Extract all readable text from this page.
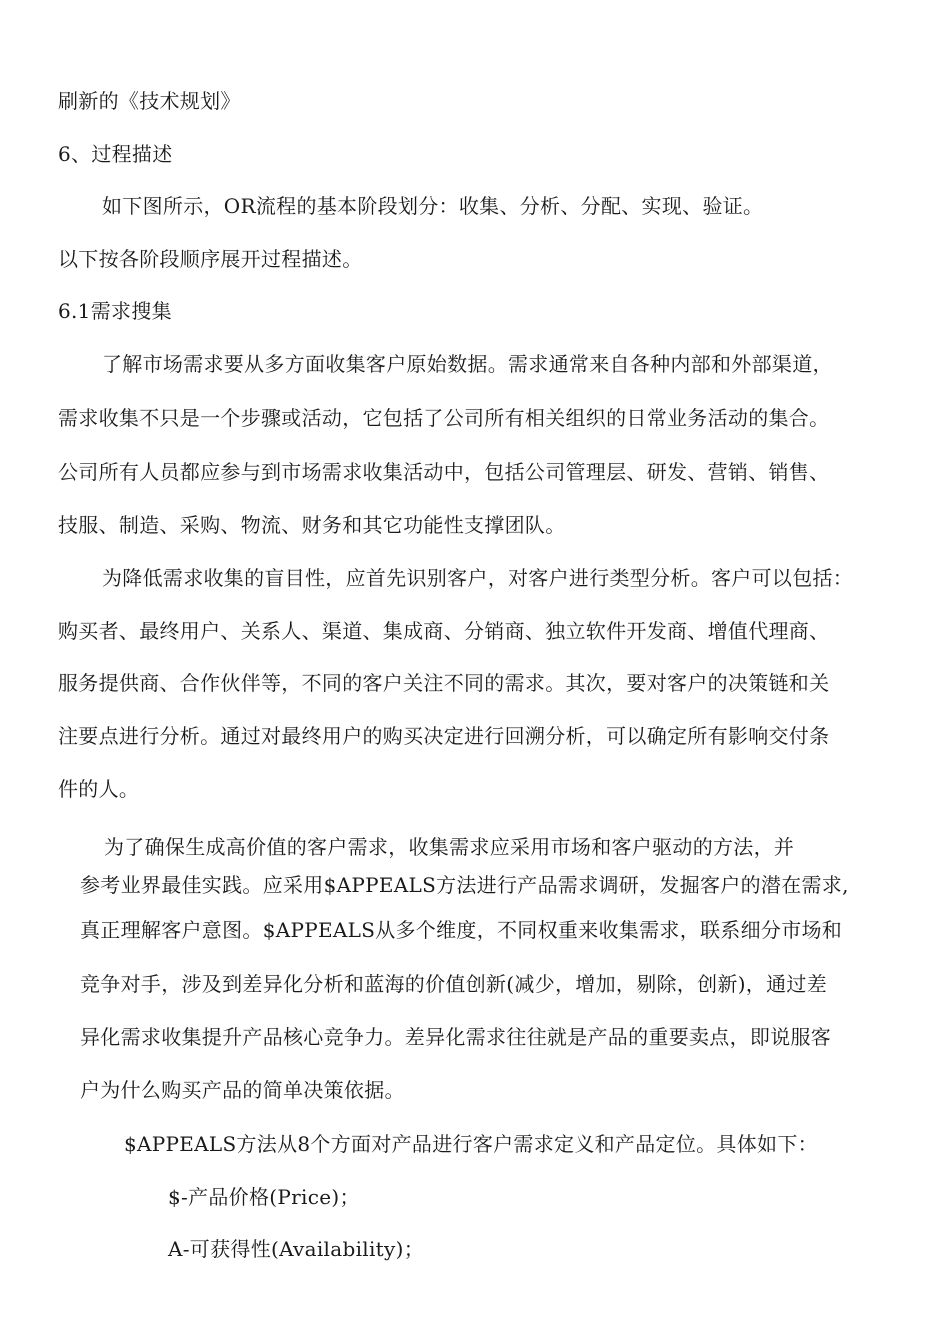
刷新的《技术规划》
6、过程描述
如下图所示，OR流程的基本阶段划分：收集、分析、分配、实现、验证。
以下按各阶段顺序展开过程描述。
6.1需求搜集
了解市场需求要从多方面收集客户原始数据。需求通常来自各种内部和外部渠道，
需求收集不只是一个步骤或活动，它包括了公司所有相关组织的日常业务活动的集合。
公司所有人员都应参与到市场需求收集活动中，包括公司管理层、研发、营销、销售、
技服、制造、采购、物流、财务和其它功能性支撑团队。
为降低需求收集的盲目性，应首先识别客户，对客户进行类型分析。客户可以包括：
购买者、最终用户、关系人、渠道、集成商、分销商、独立软件开发商、增值代理商、
服务提供商、合作伙伴等，不同的客户关注不同的需求。其次，要对客户的决策链和关
注要点进行分析。通过对最终用户的购买决定进行回溯分析，可以确定所有影响交付条
件的人。
为了确保生成高价值的客户需求，收集需求应采用市场和客户驱动的方法，并
参考业界最佳实践。应采用$APPEALS方法进行产品需求调研，发掘客户的潜在需求,
真正理解客户意图。$APPEALS从多个维度，不同权重来收集需求，联系细分市场和
竞争对手，涉及到差异化分析和蓝海的价值创新(减少，增加，剔除，创新)，通过差
异化需求收集提升产品核心竞争力。差异化需求往往就是产品的重要卖点，即说服客
户为什么购买产品的简单决策依据。
$APPEALS方法从8个方面对产品进行客户需求定义和产品定位。具体如下：
$-产品价格(Price)；
A-可获得性(Availability)；
